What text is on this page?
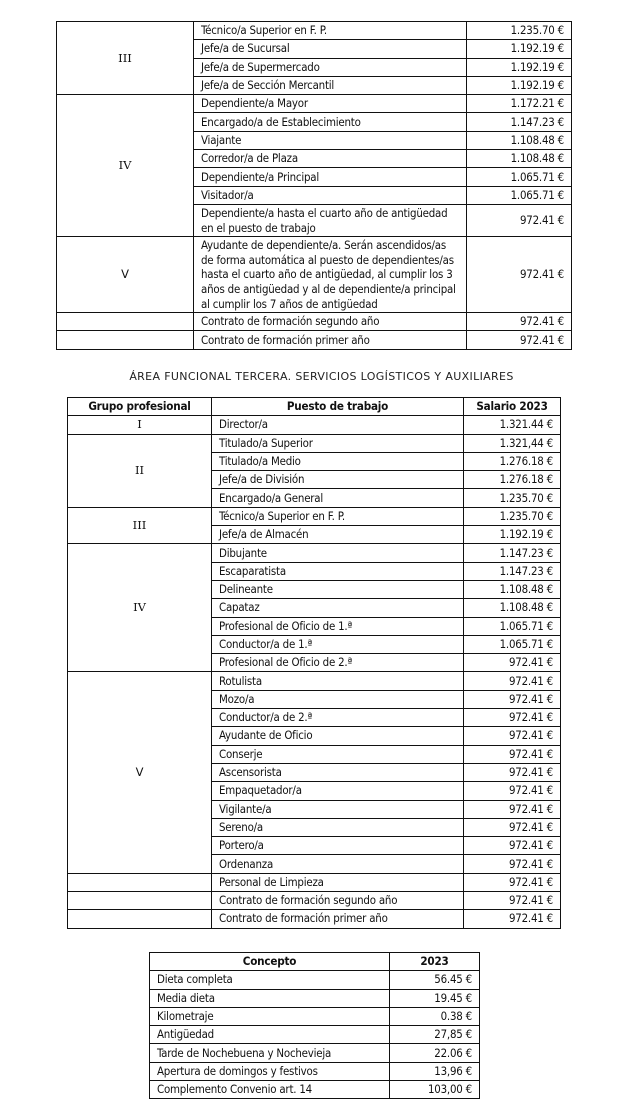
III	Técnico/a Superior en F. P.	1.235.70 €
	Jefe/a de Sucursal	1.192.19 €
	Jefe/a de Supermercado	1.192.19 €
	Jefe/a de Sección Mercantil	1.192.19 €
IV	Dependiente/a Mayor	1.172.21 €
	Encargado/a de Establecimiento	1.147.23 €
	Viajante	1.108.48 €
	Corredor/a de Plaza	1.108.48 €
	Dependiente/a Principal	1.065.71 €
	Visitador/a	1.065.71 €
	Dependiente/a hasta el cuarto año de antigüedad en el puesto de trabajo	972.41 €
V	Ayudante de dependiente/a. Serán ascendidos/as de forma automática al puesto de dependientes/as hasta el cuarto año de antigüedad, al cumplir los 3 años de antigüedad y al de dependiente/a principal al cumplir los 7 años de antigüedad	972.41 €
	Contrato de formación segundo año	972.41 €
	Contrato de formación primer año	972.41 €
ÁREA FUNCIONAL TERCERA. SERVICIOS LOGÍSTICOS Y AUXILIARES
Grupo profesional	Puesto de trabajo	Salario 2023
I	Director/a	1.321.44 €
II	Titulado/a Superior	1.321,44 €
	Titulado/a Medio	1.276.18 €
	Jefe/a de División	1.276.18 €
	Encargado/a General	1.235.70 €
III	Técnico/a Superior en F. P.	1.235.70 €
	Jefe/a de Almacén	1.192.19 €
IV	Dibujante	1.147.23 €
	Escaparatista	1.147.23 €
	Delineante	1.108.48 €
	Capataz	1.108.48 €
	Profesional de Oficio de 1.ª	1.065.71 €
	Conductor/a de 1.ª	1.065.71 €
	Profesional de Oficio de 2.ª	972.41 €
V	Rotulista	972.41 €
	Mozo/a	972.41 €
	Conductor/a de 2.ª	972.41 €
	Ayudante de Oficio	972.41 €
	Conserje	972.41 €
	Ascensorista	972.41 €
	Empaquetador/a	972.41 €
	Vigilante/a	972.41 €
	Sereno/a	972.41 €
	Portero/a	972.41 €
	Ordenanza	972.41 €
	Personal de Limpieza	972.41 €
	Contrato de formación segundo año	972.41 €
	Contrato de formación primer año	972.41 €
Concepto	2023
Dieta completa	56.45 €
Media dieta	19.45 €
Kilometraje	0.38 €
Antigüedad	27,85 €
Tarde de Nochebuena y Nochevieja	22.06 €
Apertura de domingos y festivos	13,96 €
Complemento Convenio art. 14	103,00 €
